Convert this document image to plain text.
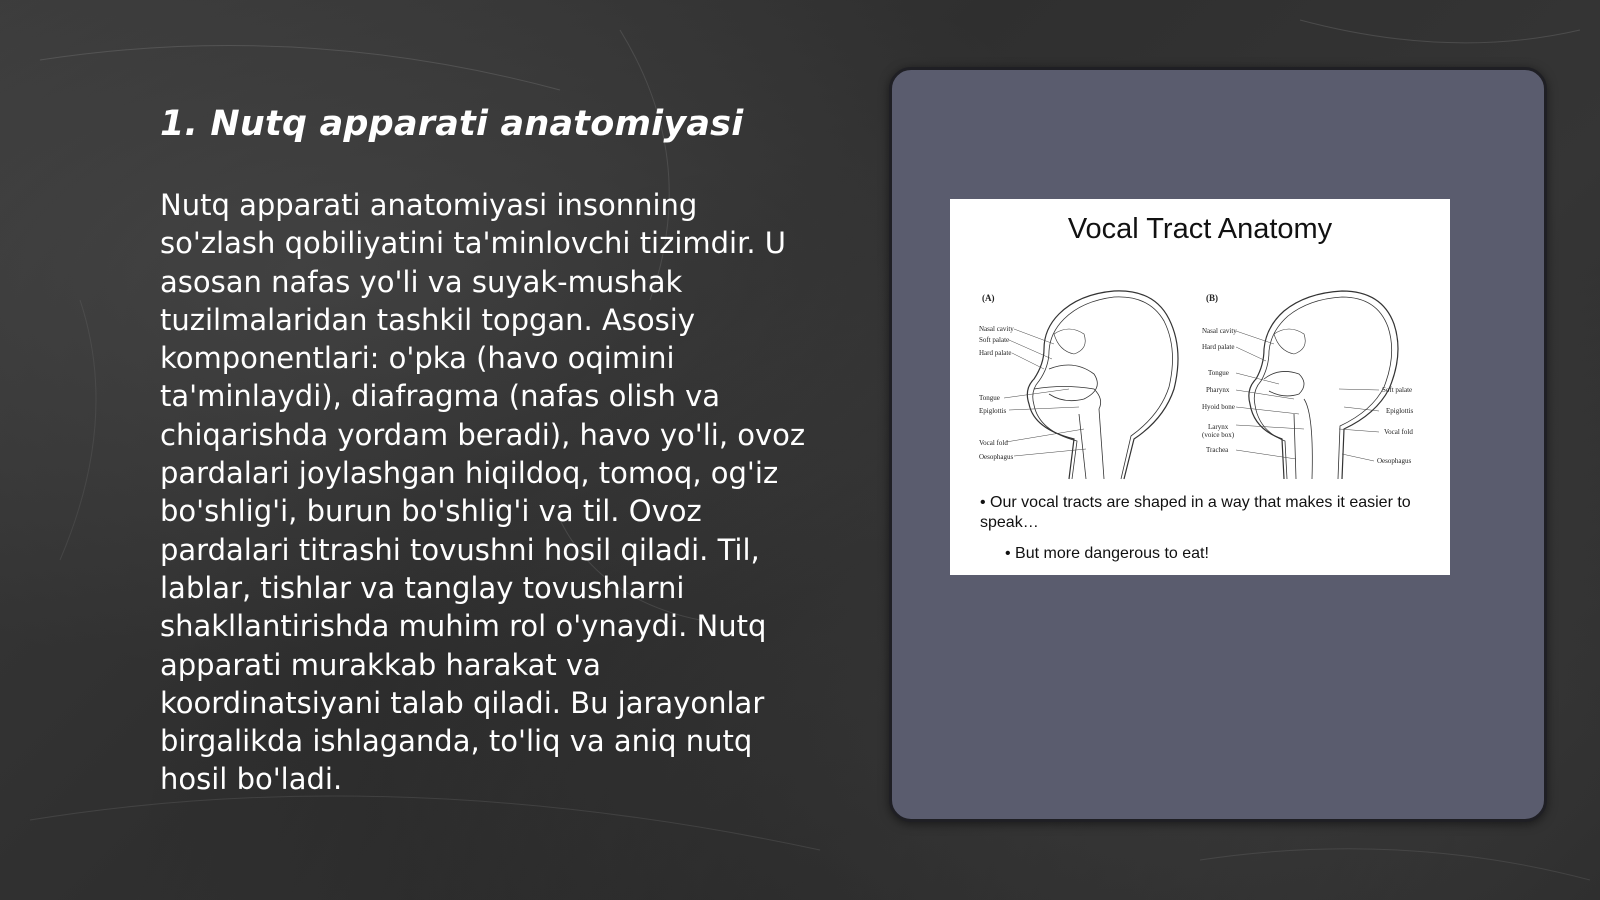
1. Nutq apparati anatomiyasi

Nutq apparati anatomiyasi insonning so'zlash qobiliyatini ta'minlovchi tizimdir. U asosan nafas yo'li va suyak-mushak tuzilmalaridan tashkil topgan. Asosiy komponentlari: o'pka (havo oqimini ta'minlaydi), diafragma (nafas olish va chiqarishda yordam beradi), havo yo'li, ovoz pardalari joylashgan hiqildoq, tomoq, og'iz bo'shlig'i, burun bo'shlig'i va til. Ovoz pardalari titrashi tovushni hosil qiladi. Til, lablar, tishlar va tanglay tovushlarni shakllantirishda muhim rol o'ynaydi. Nutq apparati murakkab harakat va koordinatsiyani talab qiladi. Bu jarayonlar birgalikda ishlaganda, to'liq va aniq nutq hosil bo'ladi.

Vocal Tract Anatomy
(A)
Nasal cavity
Soft palate
Hard palate
Tongue
Epiglottis
Vocal fold
Oesophagus
(B)
Nasal cavity
Hard palate
Tongue
Pharynx
Hyoid bone
Larynx
(voice box)
Trachea
Soft palate
Epiglottis
Vocal fold
Oesophagus
• Our vocal tracts are shaped in a way that makes it easier to speak…
• But more dangerous to eat!
